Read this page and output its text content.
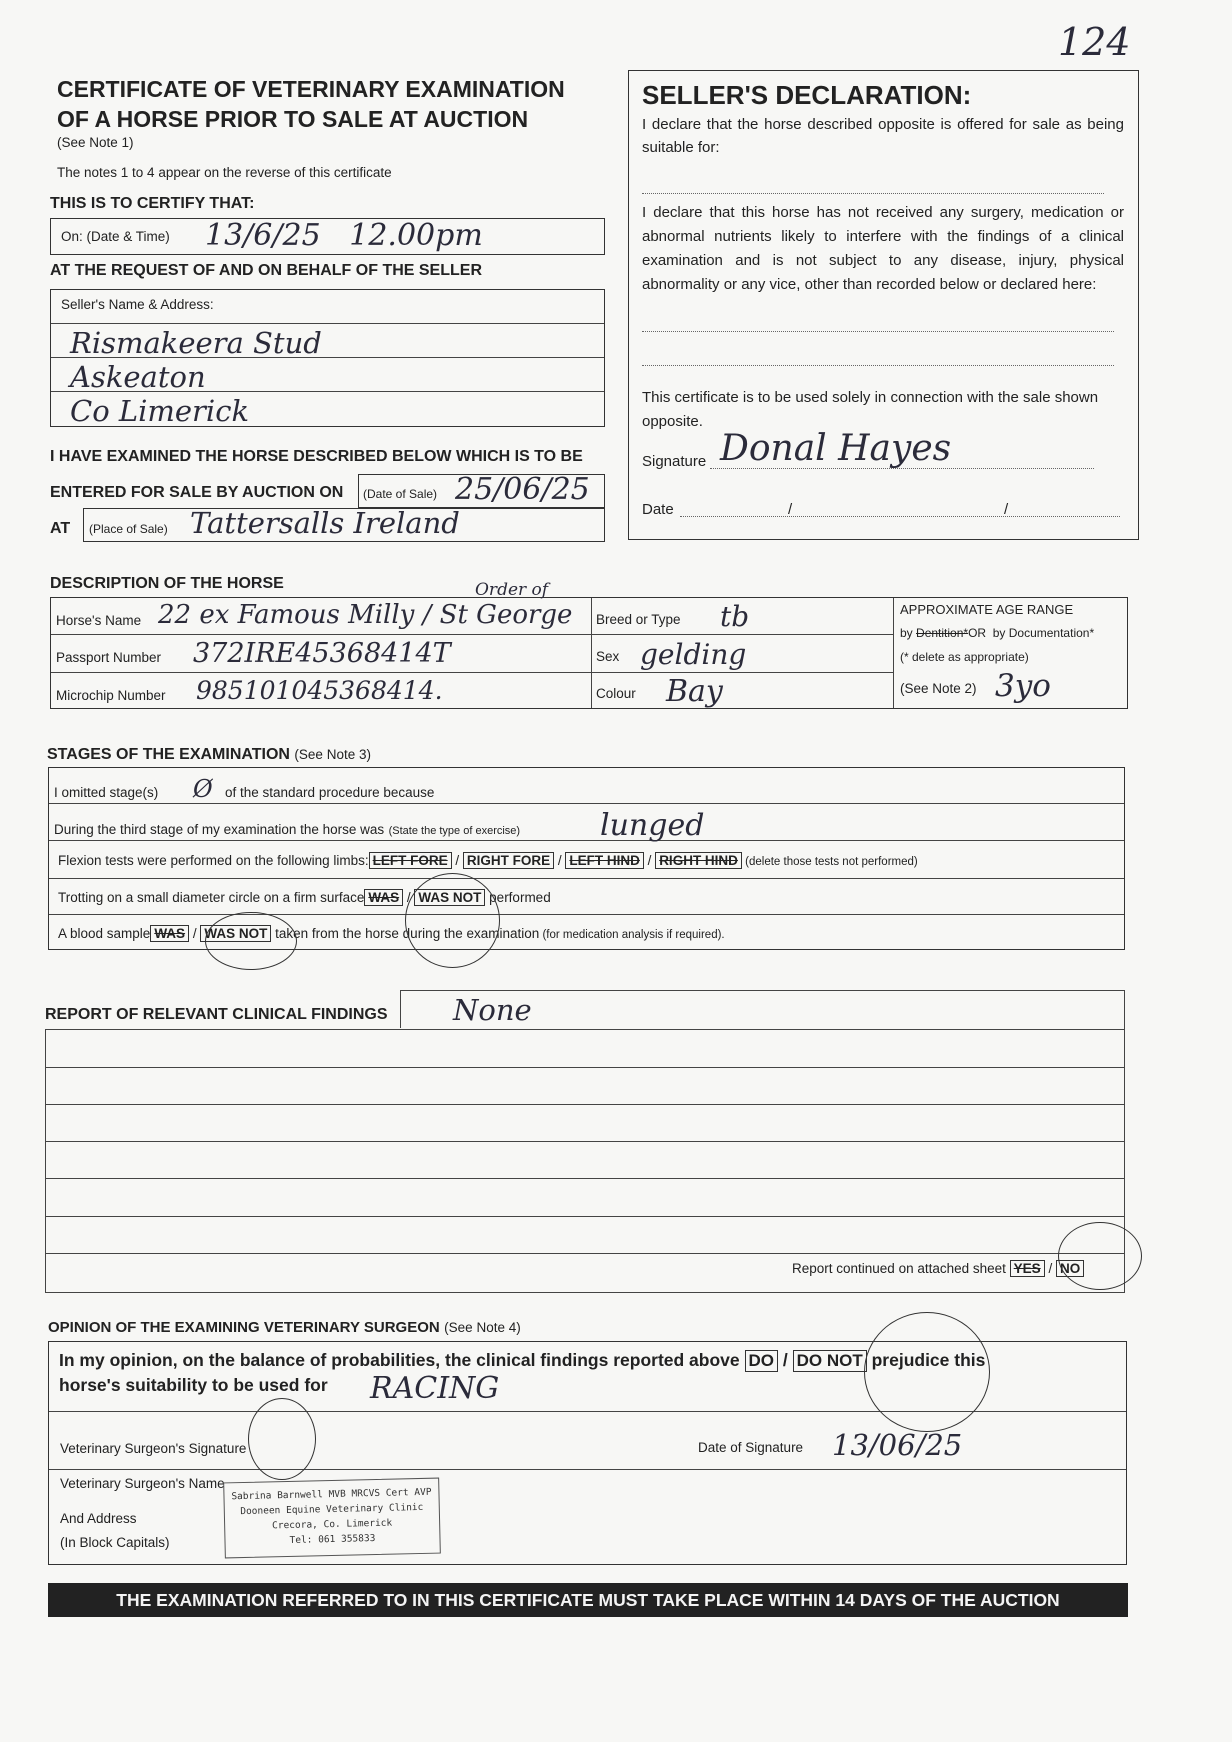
124
CERTIFICATE OF VETERINARY EXAMINATION
OF A HORSE PRIOR TO SALE AT AUCTION
(See Note 1)
The notes 1 to 4 appear on the reverse of this certificate
THIS IS TO CERTIFY THAT:
On: (Date & Time) 13/6/25   12.00pm
AT THE REQUEST OF AND ON BEHALF OF THE SELLER
Seller's Name & Address:
Rismakeera Stud
Askeaton
Co Limerick
I HAVE EXAMINED THE HORSE DESCRIBED BELOW WHICH IS TO BE
ENTERED FOR SALE BY AUCTION ON (Date of Sale) 25/06/25
AT (Place of Sale) Tattersalls Ireland
SELLER'S DECLARATION:
I declare that the horse described opposite is offered for sale as being suitable for:
I declare that this horse has not received any surgery, medication or abnormal nutrients likely to interfere with the findings of a clinical examination and is not subject to any disease, injury, physical abnormality or any vice, other than recorded below or declared here:
This certificate is to be used solely in connection with the sale shown opposite.
Signature Donal Hayes
Date	/	/
DESCRIPTION OF THE HORSE
Horse's Name 22 ex Famous Milly / St George
Order of
Passport Number 372IRE45368414T
Microchip Number 985101045368414.
Breed or Type tb
Sex gelding
Colour Bay
APPROXIMATE AGE RANGE
by Dentition*OR by Documentation*
(* delete as appropriate)
(See Note 2) 3yo
STAGES OF THE EXAMINATION (See Note 3)
I omitted stage(s) Ø of the standard procedure because
During the third stage of my examination the horse was (State the type of exercise)	lunged
Flexion tests were performed on the following limbs: LEFT FORE / RIGHT FORE / LEFT HIND / RIGHT HIND (delete those tests not performed)
Trotting on a small diameter circle on a firm surface WAS / WAS NOT performed
A blood sample WAS / WAS NOT taken from the horse during the examination (for medication analysis if required).
REPORT OF RELEVANT CLINICAL FINDINGS None
Report continued on attached sheet YES / NO
OPINION OF THE EXAMINING VETERINARY SURGEON (See Note 4)
In my opinion, on the balance of probabilities, the clinical findings reported above DO / DO NOT prejudice this
horse's suitability to be used for RACING
Veterinary Surgeon's Signature	Date of Signature 13/06/25
Veterinary Surgeon's Name
And Address
(In Block Capitals)
Sabrina Barnwell MVB MRCVS Cert AVP
Dooneen Equine Veterinary Clinic
Crecora, Co. Limerick
Tel: 061 355833
THE EXAMINATION REFERRED TO IN THIS CERTIFICATE MUST TAKE PLACE WITHIN 14 DAYS OF THE AUCTION
